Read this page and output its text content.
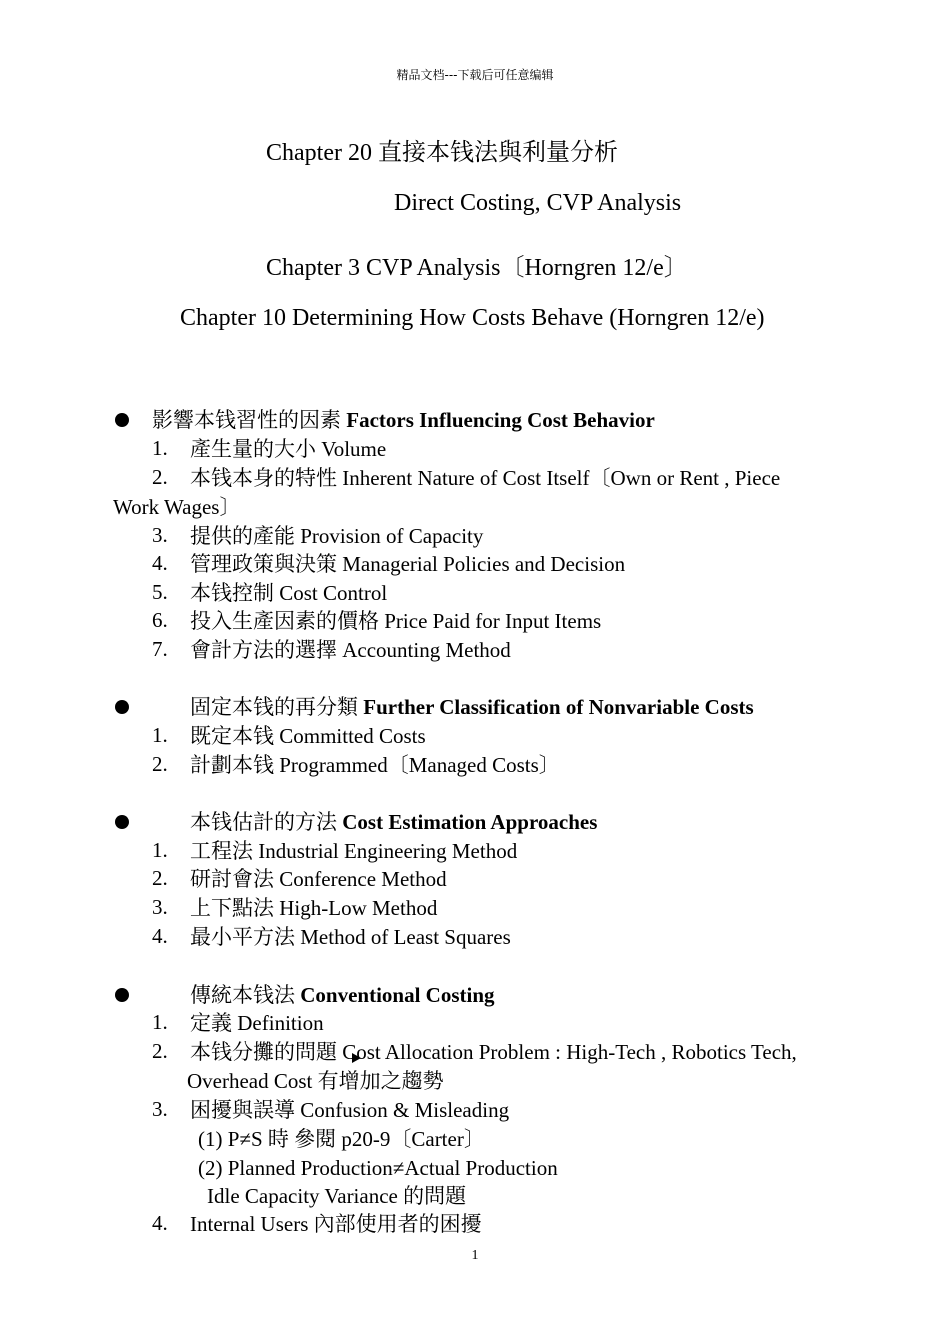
精品文档---下载后可任意编辑
Chapter 20 直接本钱法與利量分析
Direct Costing, CVP Analysis
Chapter 3 CVP Analysis〔Horngren 12/e〕
Chapter 10 Determining How Costs Behave (Horngren 12/e)
影響本钱習性的因素 Factors Influencing Cost Behavior
1. 產生量的大小 Volume
2. 本钱本身的特性 Inherent Nature of Cost Itself〔Own or Rent , Piece
Work Wages〕
3. 提供的產能 Provision of Capacity
4. 管理政策與決策 Managerial Policies and Decision
5. 本钱控制 Cost Control
6. 投入生產因素的價格 Price Paid for Input Items
7. 會計方法的選擇 Accounting Method
固定本钱的再分類 Further Classification of Nonvariable Costs
1. 既定本钱 Committed Costs
2. 計劃本钱 Programmed〔Managed Costs〕
本钱估計的方法 Cost Estimation Approaches
1. 工程法 Industrial Engineering Method
2. 研討會法 Conference Method
3. 上下點法 High-Low Method
4. 最小平方法 Method of Least Squares
傳統本钱法 Conventional Costing
1. 定義 Definition
2. 本钱分攤的問題 Cost Allocation Problem : High-Tech , Robotics Tech,
Overhead Cost 有增加之趨勢
3. 困擾與誤導 Confusion & Misleading
(1) P≠S 時 參閱 p20-9〔Carter〕
(2) Planned Production≠Actual Production
Idle Capacity Variance 的問題
4. Internal Users 內部使用者的困擾
1
